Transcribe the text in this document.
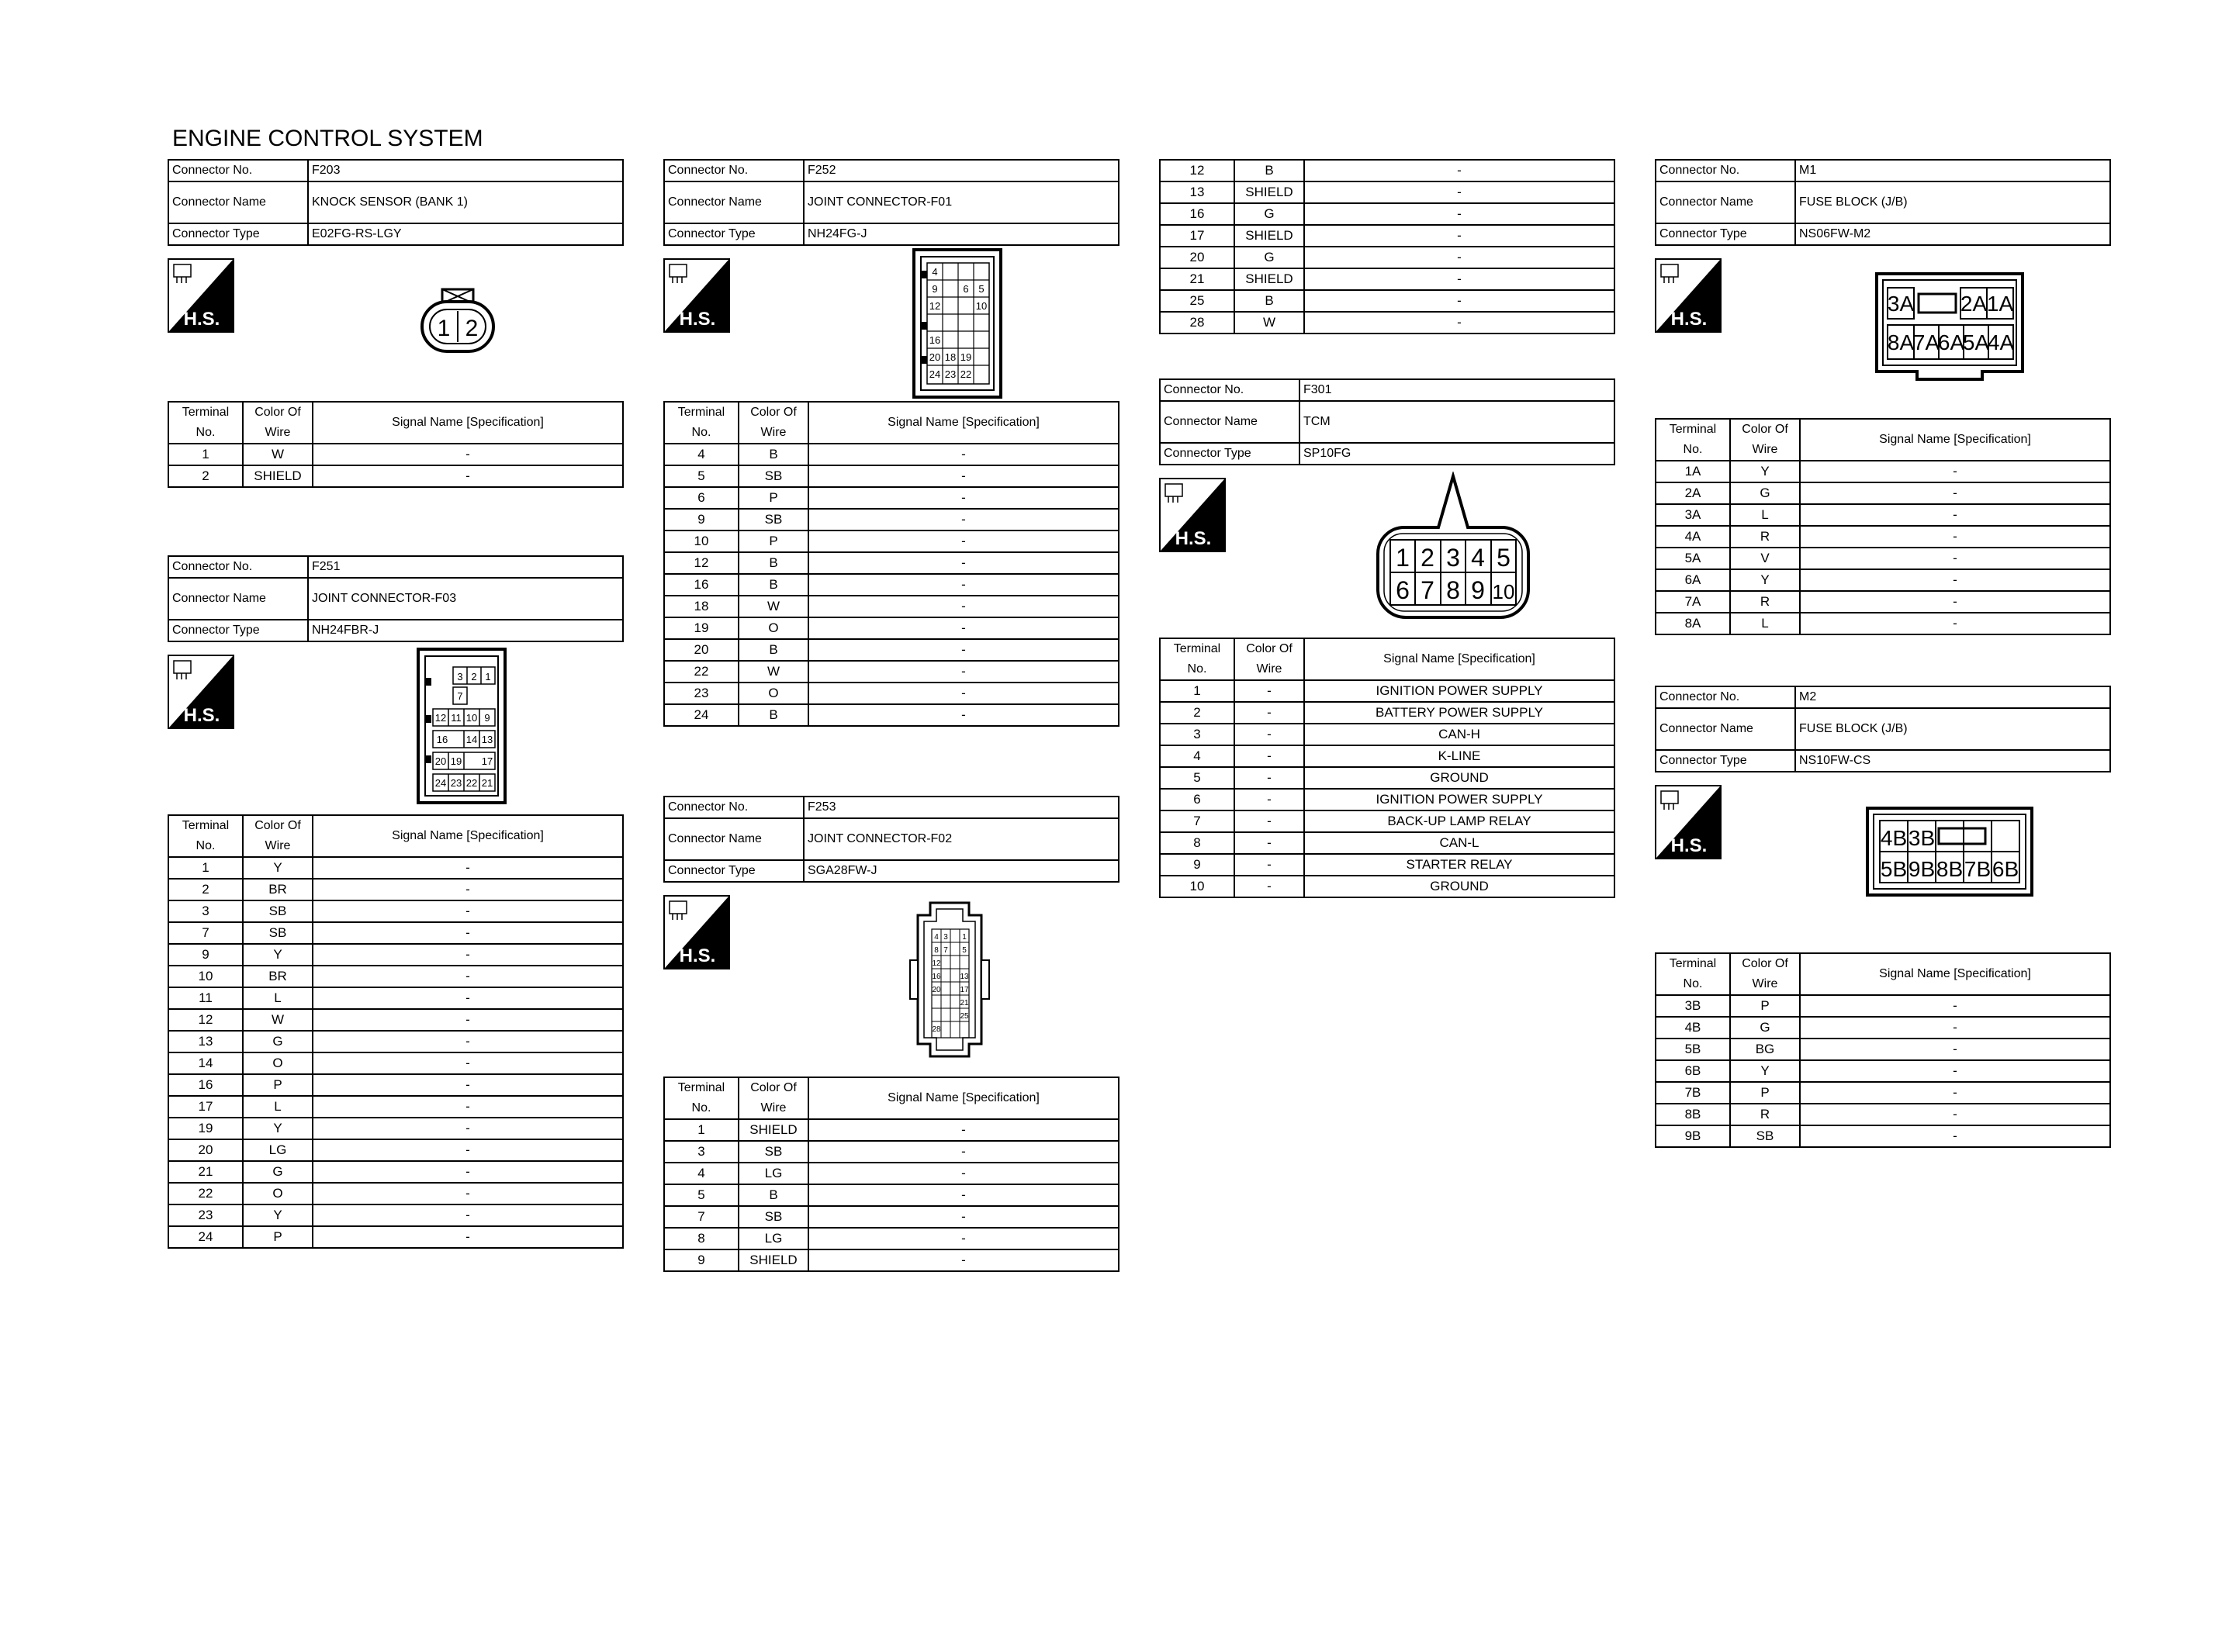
ENGINE CONTROL SYSTEM
Connector No.	F203
Connector Name	KNOCK SENSOR (BANK 1)
Connector Type	E02FG-RS-LGY
H.S.	1 2
Terminal No.	Color Of Wire	Signal Name [Specification]
1	W	-
2	SHIELD	-
Connector No.	F251
Connector Name	JOINT CONNECTOR-F03
Connector Type	NH24FBR-J
H.S.
3 2 1
7
12 11 10 9
16 14 13
20 19 17
24 23 22 21
Terminal No.	Color Of Wire	Signal Name [Specification]
1	Y	-
2	BR	-
3	SB	-
7	SB	-
9	Y	-
10	BR	-
11	L	-
12	W	-
13	G	-
14	O	-
16	P	-
17	L	-
19	Y	-
20	LG	-
21	G	-
22	O	-
23	Y	-
24	P	-
Connector No.	F252
Connector Name	JOINT CONNECTOR-F01
Connector Type	NH24FG-J
H.S.
4
6 5
9
12	10
16
20 18 19
24 23 22
Terminal No.	Color Of Wire	Signal Name [Specification]
4	B	-
5	SB	-
6	P	-
9	SB	-
10	P	-
12	B	-
16	B	-
18	W	-
19	O	-
20	B	-
22	W	-
23	O	-
24	B	-
Connector No.	F253
Connector Name	JOINT CONNECTOR-F02
Connector Type	SGA28FW-J
H.S.
4 3 1
8 7 5
12
16 13
20 17
21
25
28
Terminal No.	Color Of Wire	Signal Name [Specification]
1	SHIELD	-
3	SB	-
4	LG	-
5	B	-
7	SB	-
8	LG	-
9	SHIELD	-
12	B	-
13	SHIELD	-
16	G	-
17	SHIELD	-
20	G	-
21	SHIELD	-
25	B	-
28	W	-
Connector No.	F301
Connector Name	TCM
Connector Type	SP10FG
H.S.
1 2 3 4 5
6 7 8 9 10
Terminal No.	Color Of Wire	Signal Name [Specification]
1	-	IGNITION POWER SUPPLY
2	-	BATTERY POWER SUPPLY
3	-	CAN-H
4	-	K-LINE
5	-	GROUND
6	-	IGNITION POWER SUPPLY
7	-	BACK-UP LAMP RELAY
8	-	CAN-L
9	-	STARTER RELAY
10	-	GROUND
Connector No.	M1
Connector Name	FUSE BLOCK (J/B)
Connector Type	NS06FW-M2
H.S.
3A 2A 1A
8A
7A
6A
5A
4A
Terminal No.	Color Of Wire	Signal Name [Specification]
1A	Y	-
2A	G	-
3A	L	-
4A	R	-
5A	V	-
6A	Y	-
7A	R	-
8A	L	-
Connector No.	M2
Connector Name	FUSE BLOCK (J/B)
Connector Type	NS10FW-CS
H.S.	4B 3B
9B 8B 7B 6B
5B
Terminal No.	Color Of Wire	Signal Name [Specification]
3B	P	-
4B	G	-
5B	BG	-
6B	Y	-
7B	P	-
8B	R	-
9B	SB	-
